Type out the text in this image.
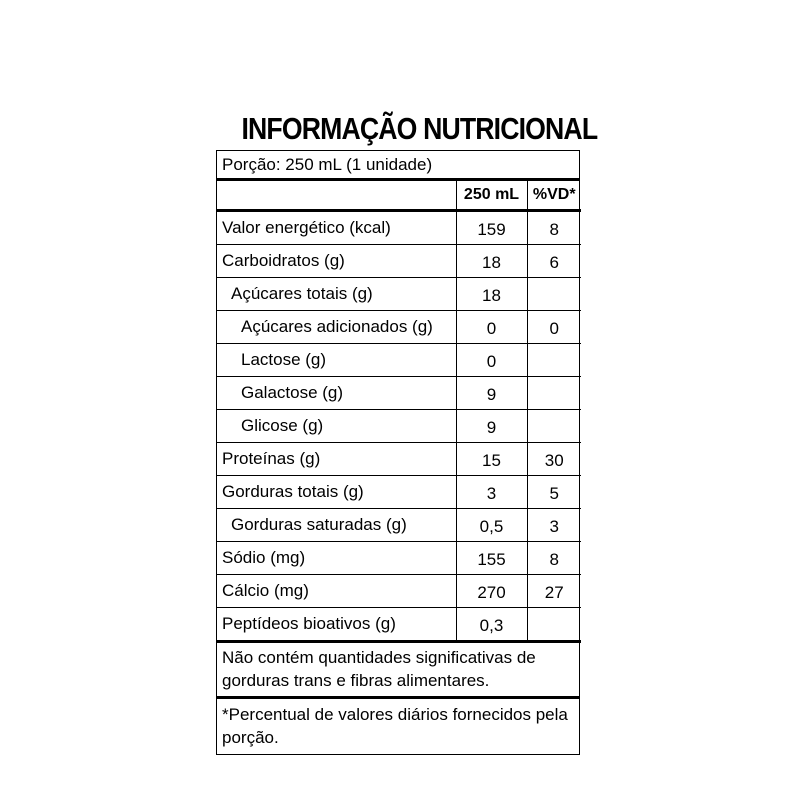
INFORMAÇÃO NUTRICIONAL
Porção: 250 mL (1 unidade)
	250 mL	%VD*
Valor energético (kcal)	159	8
Carboidratos (g)	18	6
Açúcares totais (g)	18	
Açúcares adicionados (g)	0	0
Lactose (g)	0	
Galactose (g)	9	
Glicose (g)	9	
Proteínas (g)	15	30
Gorduras totais (g)	3	5
Gorduras saturadas (g)	0,5	3
Sódio (mg)	155	8
Cálcio (mg)	270	27
Peptídeos bioativos (g)	0,3	
Não contém quantidades significativas de gorduras trans e fibras alimentares.
*Percentual de valores diários fornecidos pela porção.
